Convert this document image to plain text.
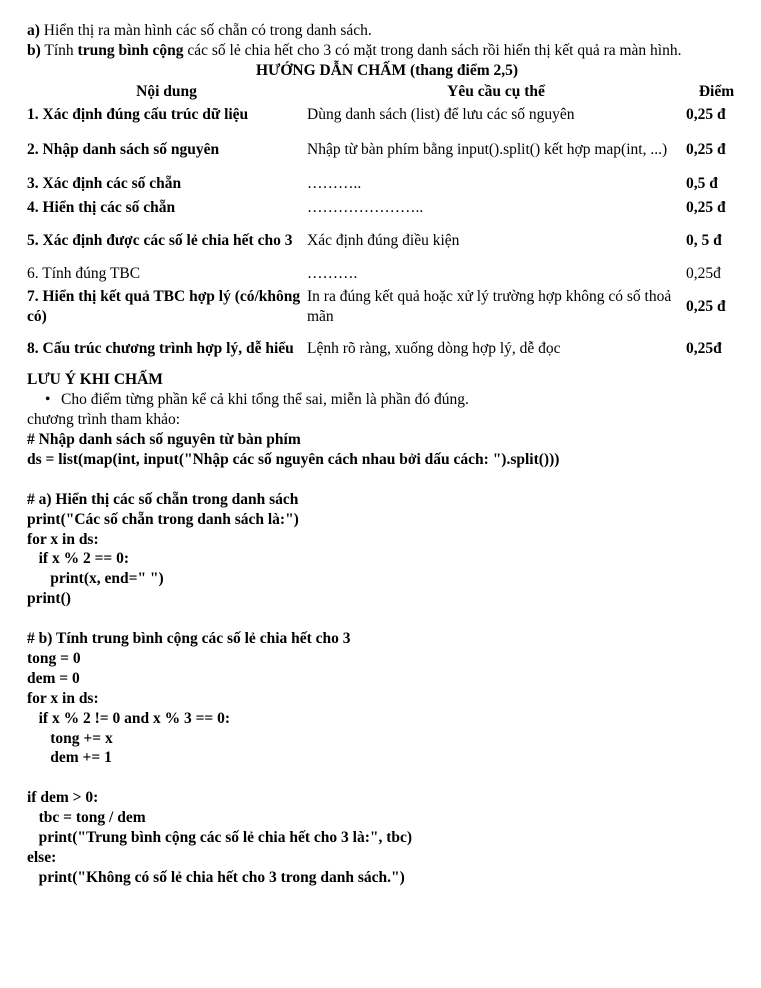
a) Hiển thị ra màn hình các số chẵn có trong danh sách.
b) Tính trung bình cộng các số lẻ chia hết cho 3 có mặt trong danh sách rồi hiển thị kết quả ra màn hình.
HƯỚNG DẪN CHẤM (thang điểm 2,5)
Nội dung	Yêu cầu cụ thể	Điểm
1. Xác định đúng cấu trúc dữ liệu	Dùng danh sách (list) để lưu các số nguyên	0,25 đ
2. Nhập danh sách số nguyên	Nhập từ bàn phím bằng input().split() kết hợp map(int, ...)	0,25 đ
3. Xác định các số chẵn	………..	0,5 đ
4. Hiển thị các số chẵn	…………………..	0,25 đ
5. Xác định được các số lẻ chia hết cho 3	Xác định đúng điều kiện	0, 5 đ
6. Tính đúng TBC	……….	0,25đ
7. Hiển thị kết quả TBC hợp lý (có/không có)	In ra đúng kết quả hoặc xử lý trường hợp không có số thoả mãn	0,25 đ
8. Cấu trúc chương trình hợp lý, dễ hiểu	Lệnh rõ ràng, xuống dòng hợp lý, dễ đọc	0,25đ
LƯU Ý KHI CHẤM
• Cho điểm từng phần kể cả khi tổng thể sai, miễn là phần đó đúng.
chương trình tham khảo:
# Nhập danh sách số nguyên từ bàn phím
ds = list(map(int, input("Nhập các số nguyên cách nhau bởi dấu cách: ").split()))
# a) Hiển thị các số chẵn trong danh sách
print("Các số chẵn trong danh sách là:")
for x in ds:
if x % 2 == 0:
print(x, end=" ")
print()
# b) Tính trung bình cộng các số lẻ chia hết cho 3
tong = 0
dem = 0
for x in ds:
if x % 2 != 0 and x % 3 == 0:
tong += x
dem += 1
if dem > 0:
tbc = tong / dem
print("Trung bình cộng các số lẻ chia hết cho 3 là:", tbc)
else:
print("Không có số lẻ chia hết cho 3 trong danh sách.")
